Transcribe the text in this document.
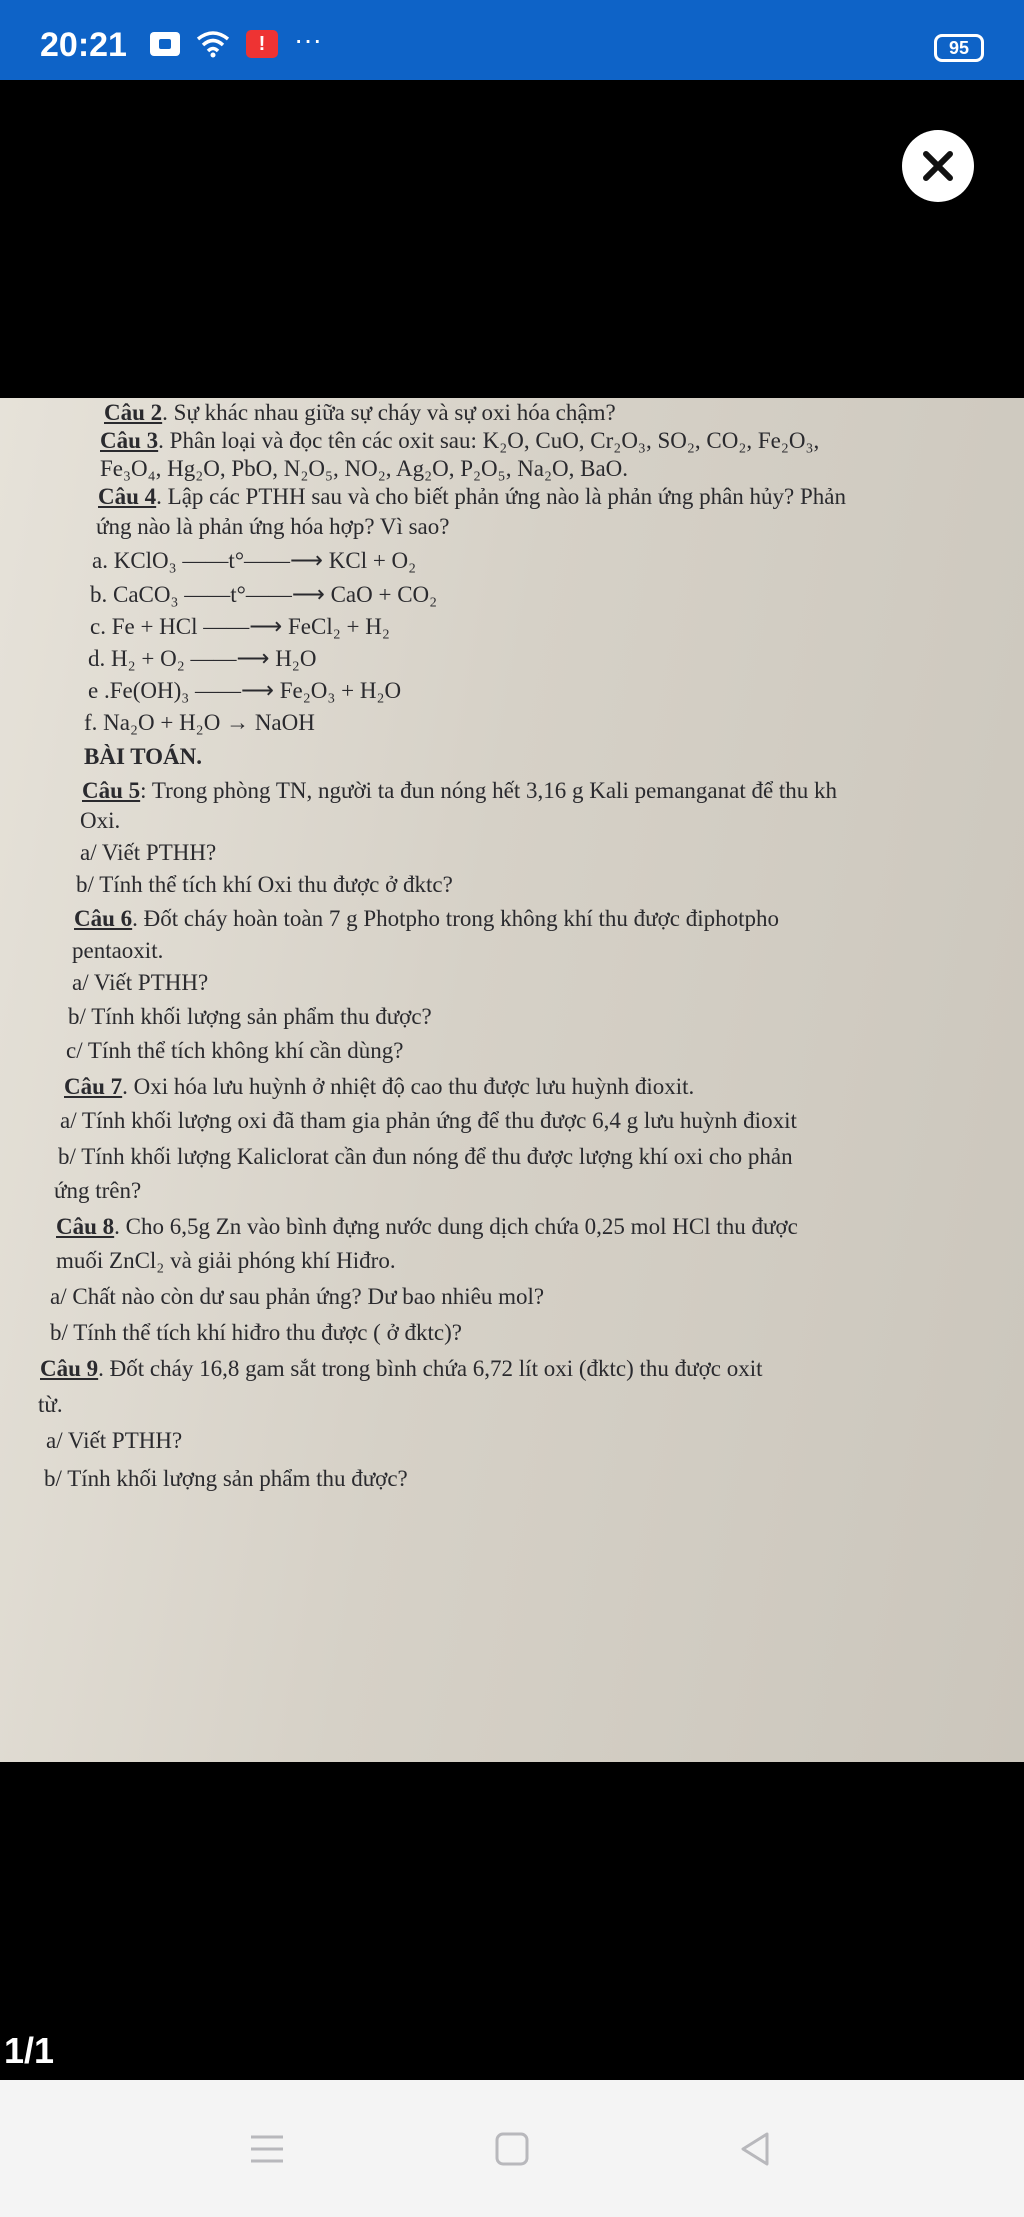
20:21	!	···	95
Câu 2. Sự khác nhau giữa sự cháy và sự oxi hóa chậm?
Câu 3. Phân loại và đọc tên các oxit sau: K₂O, CuO, Cr₂O₃, SO₂, CO₂, Fe₂O₃,
Fe₃O₄, Hg₂O, PbO, N₂O₅, NO₂, Ag₂O, P₂O₅, Na₂O, BaO.
Câu 4. Lập các PTHH sau và cho biết phản ứng nào là phản ứng phân hủy? Phản
ứng nào là phản ứng hóa hợp? Vì sao?
a. KClO₃ ——t°——⟶ KCl + O₂
b. CaCO₃ ——t°——⟶ CaO + CO₂
c. Fe + HCl ——⟶ FeCl₂ + H₂
d. H₂ + O₂ ——⟶ H₂O
e .Fe(OH)₃ ——⟶ Fe₂O₃ + H₂O
f. Na₂O + H₂O → NaOH
BÀI TOÁN.
Câu 5: Trong phòng TN, người ta đun nóng hết 3,16 g Kali pemanganat để thu kh
Oxi.
a/ Viết PTHH?
b/ Tính thể tích khí Oxi thu được ở đktc?
Câu 6. Đốt cháy hoàn toàn 7 g Photpho trong không khí thu được điphotpho
pentaoxit.
a/ Viết PTHH?
b/ Tính khối lượng sản phẩm thu được?
c/ Tính thể tích không khí cần dùng?
Câu 7. Oxi hóa lưu huỳnh ở nhiệt độ cao thu được lưu huỳnh đioxit.
a/ Tính khối lượng oxi đã tham gia phản ứng để thu được 6,4 g lưu huỳnh đioxit
b/ Tính khối lượng Kaliclorat cần đun nóng để thu được lượng khí oxi cho phản
ứng trên?
Câu 8. Cho 6,5g Zn vào bình đựng nước dung dịch chứa 0,25 mol HCl thu được
muối ZnCl₂ và giải phóng khí Hiđro.
a/ Chất nào còn dư sau phản ứng? Dư bao nhiêu mol?
b/ Tính thể tích khí hiđro thu được ( ở đktc)?
Câu 9. Đốt cháy 16,8 gam sắt trong bình chứa 6,72 lít oxi (đktc) thu được oxit
từ.
a/ Viết PTHH?
b/ Tính khối lượng sản phẩm thu được?
1/1
